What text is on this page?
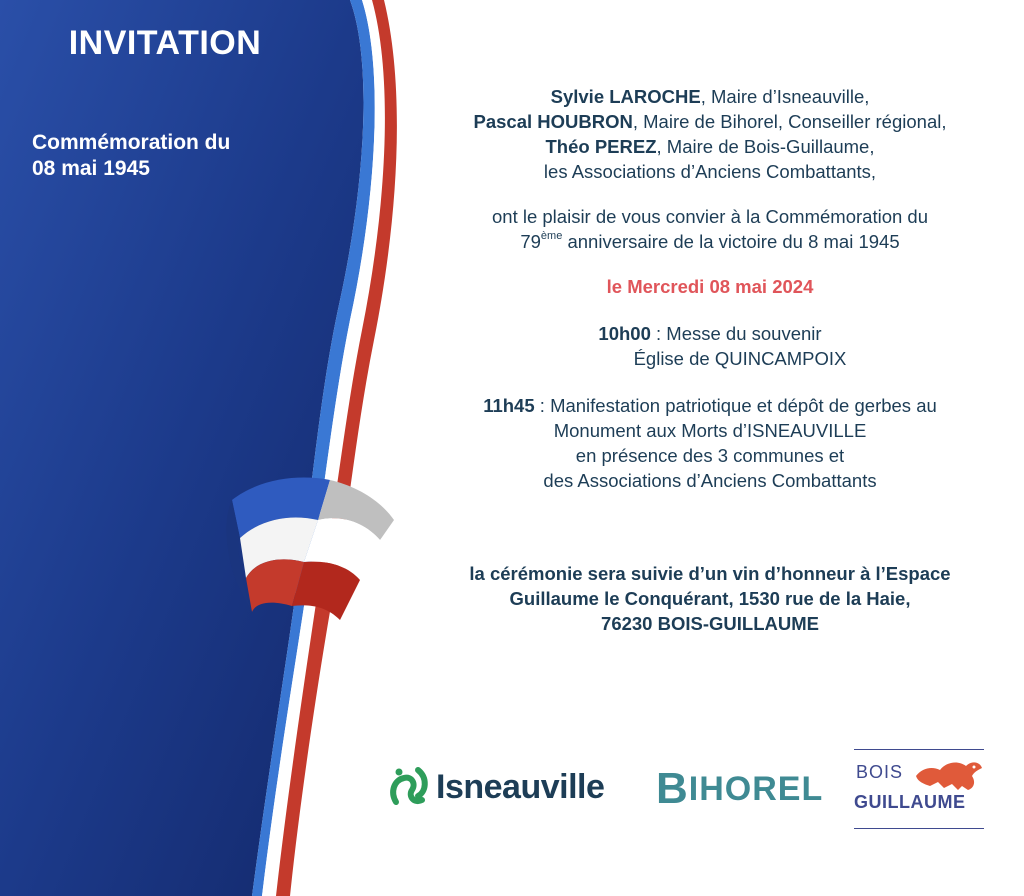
INVITATION
Commémoration du
08 mai 1945

Sylvie LAROCHE, Maire d’Isneauville,

Pascal HOUBRON, Maire de Bihorel, Conseiller régional,

Théo PEREZ, Maire de Bois-Guillaume,

les Associations d’Anciens Combattants,

ont le plaisir de vous convier à la Commémoration du

79ème anniversaire de la victoire du 8 mai 1945

le Mercredi 08 mai 2024

10h00 : Messe du souvenir

Église de QUINCAMPOIX

11h45 : Manifestation patriotique et dépôt de gerbes au

Monument aux Morts d’ISNEAUVILLE

en présence des 3 communes et

des Associations d’Anciens Combattants

la cérémonie sera suivie d’un vin d’honneur à l’Espace

Guillaume le Conquérant, 1530 rue de la Haie,

76230 BOIS-GUILLAUME

Isneauville B IHOREL BOIS
GUILLAUME
